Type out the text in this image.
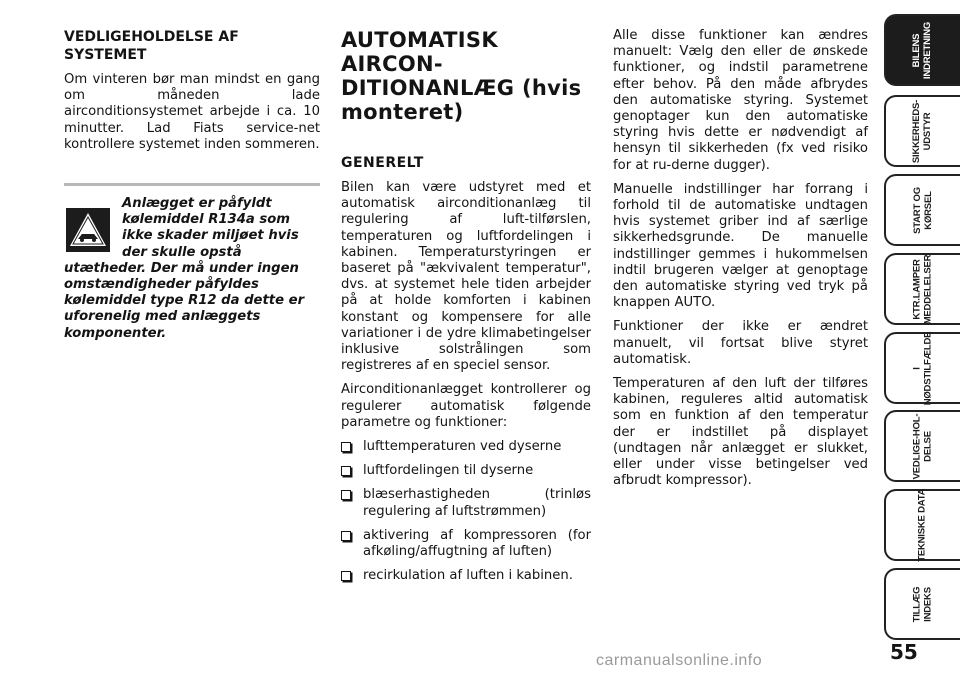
VEDLIGEHOLDELSE AF SYSTEMET

Om vinteren bør man mindst en gang om måneden lade airconditionsystemet arbejde i ca. 10 minutter. Lad Fiats service-net kontrollere systemet inden sommeren.

Anlægget er påfyldt kølemiddel R134a som ikke skader miljøet hvis der skulle opstå utætheder. Der må under ingen omstændigheder påfyldes kølemiddel type R12 da dette er uforenelig med anlæggets komponenter.
AUTOMATISK AIRCON-
DITIONANLÆG (hvis
monteret)
GENERELT

Bilen kan være udstyret med et automatisk airconditionanlæg til regulering af luft-tilførslen, temperaturen og luftfordelingen i kabinen. Temperaturstyringen er baseret på "ækvivalent temperatur", dvs. at systemet hele tiden arbejder på at holde komforten i kabinen konstant og kompensere for alle variationer i de ydre klimabetingelser inklusive solstrålingen som registreres af en speciel sensor.

Airconditionanlægget kontrollerer og regulerer automatisk følgende parametre og funktioner:

lufttemperaturen ved dyserne
luftfordelingen til dyserne
blæserhastigheden (trinløs regulering af luftstrømmen)
aktivering af kompressoren (for afkøling/affugtning af luften)
recirkulation af luften i kabinen.

Alle disse funktioner kan ændres manuelt: Vælg den eller de ønskede funktioner, og indstil parametrene efter behov. På den måde afbrydes den automatiske styring. Systemet genoptager kun den automatiske styring hvis dette er nødvendigt af hensyn til sikkerheden (fx ved risiko for at ru-derne dugger).

Manuelle indstillinger har forrang i forhold til de automatiske undtagen hvis systemet griber ind af særlige sikkerhedsgrunde. De manuelle indstillinger gemmes i hukommelsen indtil brugeren vælger at genoptage den automatiske styring ved tryk på knappen AUTO.

Funktioner der ikke er ændret manuelt, vil fortsat blive styret automatisk.

Temperaturen af den luft der tilføres kabinen, reguleres altid automatisk som en funktion af den temperatur der er indstillet på displayet (undtagen når anlægget er slukket, eller under visse betingelser ved afbrudt kompressor).

BILENS
INDRETNING
SIKKERHEDS-
UDSTYR
START OG
KØRSEL
KTR.LAMPER
MEDDELELSER
I
NØDSTILFÆLDE
VEDLIGE-HOL-
DELSE
TEKNISKE DATA
TILLÆG
INDEKS
55
carmanualsonline.info
